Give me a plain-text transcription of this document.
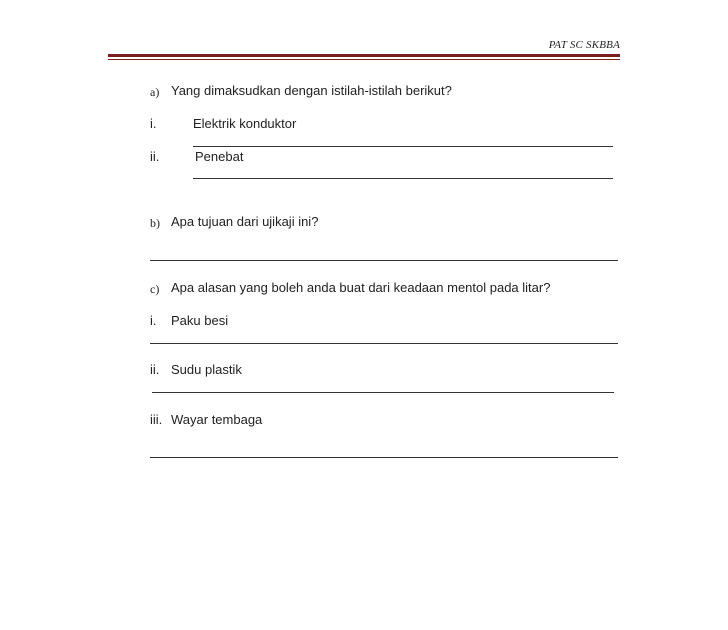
PAT SC SKBBA
a) Yang dimaksudkan dengan istilah-istilah berikut?
i.	Elektrik konduktor
ii.	Penebat
b) Apa tujuan dari ujikaji ini?
c) Apa alasan yang boleh anda buat dari keadaan mentol pada litar?
i. Paku besi
ii. Sudu plastik
iii. Wayar tembaga
